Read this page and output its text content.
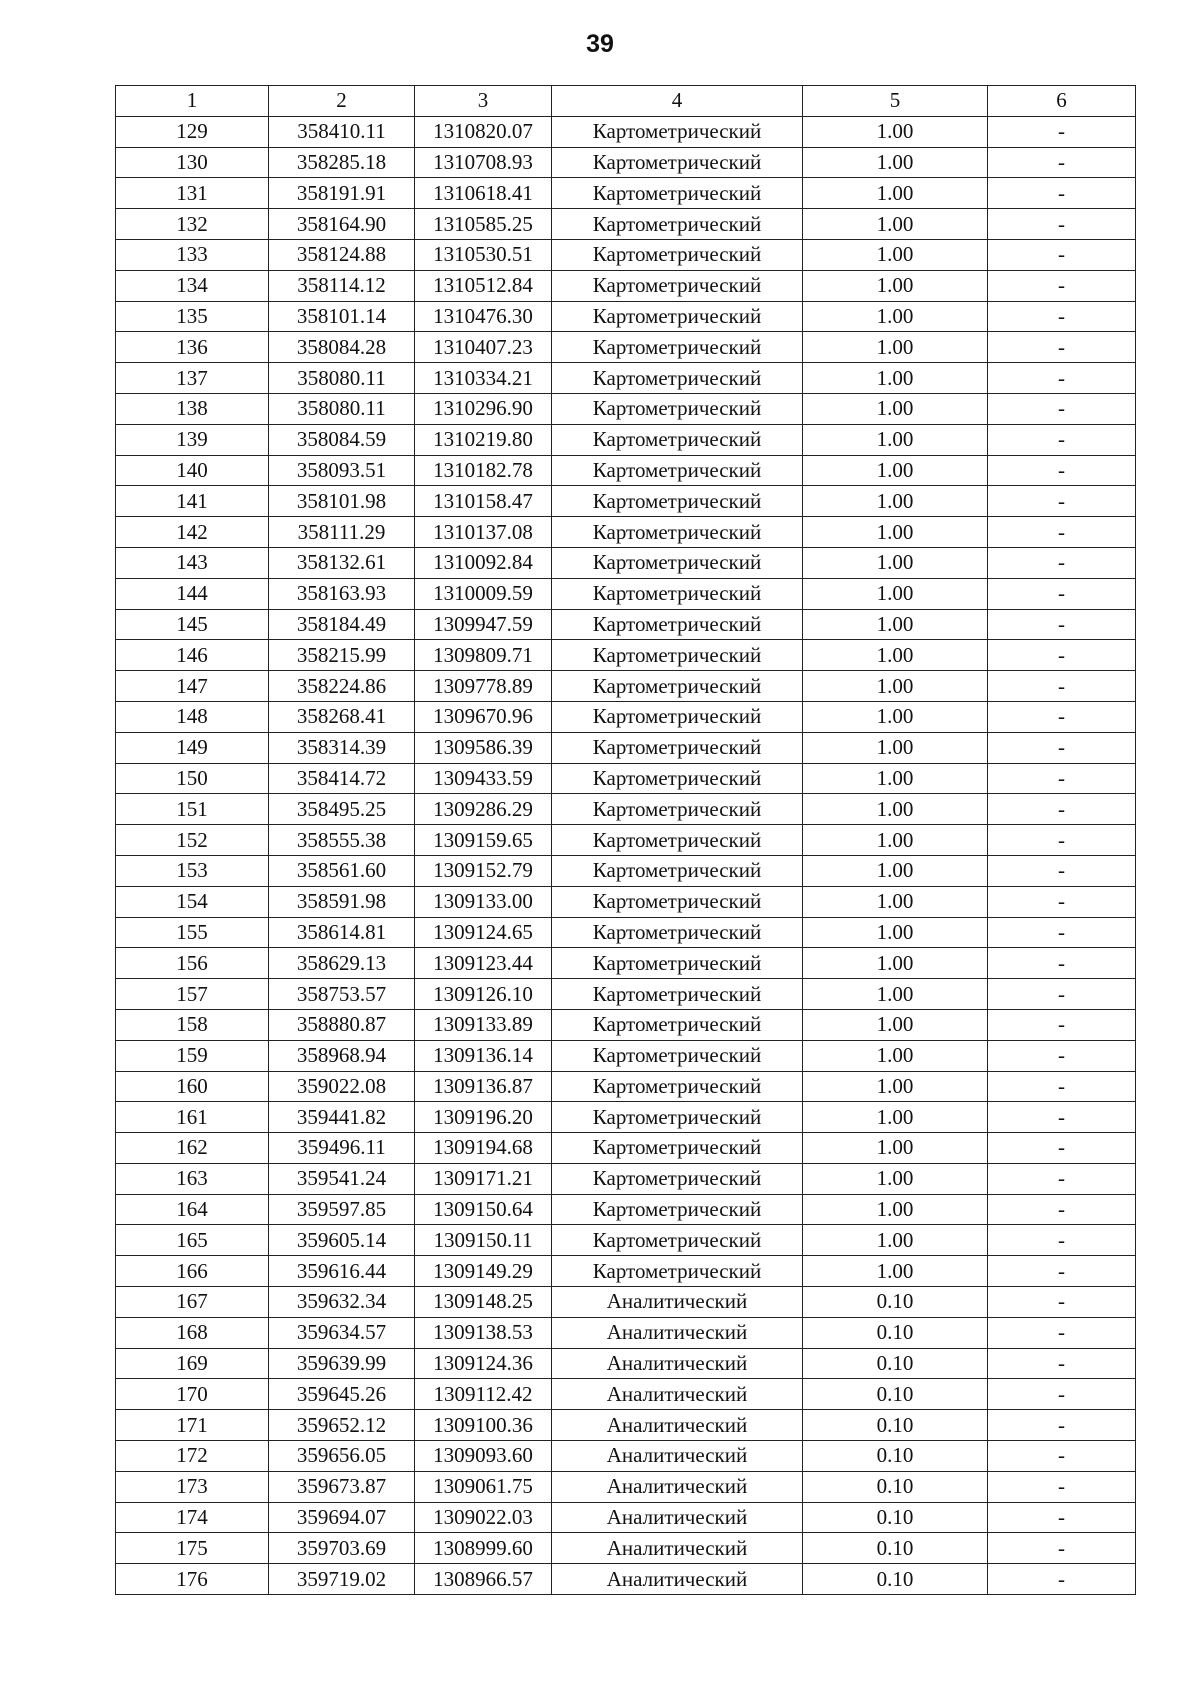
39
1	2	3	4	5	6
129	358410.11	1310820.07	Картометрический	1.00	-
130	358285.18	1310708.93	Картометрический	1.00	-
131	358191.91	1310618.41	Картометрический	1.00	-
132	358164.90	1310585.25	Картометрический	1.00	-
133	358124.88	1310530.51	Картометрический	1.00	-
134	358114.12	1310512.84	Картометрический	1.00	-
135	358101.14	1310476.30	Картометрический	1.00	-
136	358084.28	1310407.23	Картометрический	1.00	-
137	358080.11	1310334.21	Картометрический	1.00	-
138	358080.11	1310296.90	Картометрический	1.00	-
139	358084.59	1310219.80	Картометрический	1.00	-
140	358093.51	1310182.78	Картометрический	1.00	-
141	358101.98	1310158.47	Картометрический	1.00	-
142	358111.29	1310137.08	Картометрический	1.00	-
143	358132.61	1310092.84	Картометрический	1.00	-
144	358163.93	1310009.59	Картометрический	1.00	-
145	358184.49	1309947.59	Картометрический	1.00	-
146	358215.99	1309809.71	Картометрический	1.00	-
147	358224.86	1309778.89	Картометрический	1.00	-
148	358268.41	1309670.96	Картометрический	1.00	-
149	358314.39	1309586.39	Картометрический	1.00	-
150	358414.72	1309433.59	Картометрический	1.00	-
151	358495.25	1309286.29	Картометрический	1.00	-
152	358555.38	1309159.65	Картометрический	1.00	-
153	358561.60	1309152.79	Картометрический	1.00	-
154	358591.98	1309133.00	Картометрический	1.00	-
155	358614.81	1309124.65	Картометрический	1.00	-
156	358629.13	1309123.44	Картометрический	1.00	-
157	358753.57	1309126.10	Картометрический	1.00	-
158	358880.87	1309133.89	Картометрический	1.00	-
159	358968.94	1309136.14	Картометрический	1.00	-
160	359022.08	1309136.87	Картометрический	1.00	-
161	359441.82	1309196.20	Картометрический	1.00	-
162	359496.11	1309194.68	Картометрический	1.00	-
163	359541.24	1309171.21	Картометрический	1.00	-
164	359597.85	1309150.64	Картометрический	1.00	-
165	359605.14	1309150.11	Картометрический	1.00	-
166	359616.44	1309149.29	Картометрический	1.00	-
167	359632.34	1309148.25	Аналитический	0.10	-
168	359634.57	1309138.53	Аналитический	0.10	-
169	359639.99	1309124.36	Аналитический	0.10	-
170	359645.26	1309112.42	Аналитический	0.10	-
171	359652.12	1309100.36	Аналитический	0.10	-
172	359656.05	1309093.60	Аналитический	0.10	-
173	359673.87	1309061.75	Аналитический	0.10	-
174	359694.07	1309022.03	Аналитический	0.10	-
175	359703.69	1308999.60	Аналитический	0.10	-
176	359719.02	1308966.57	Аналитический	0.10	-
